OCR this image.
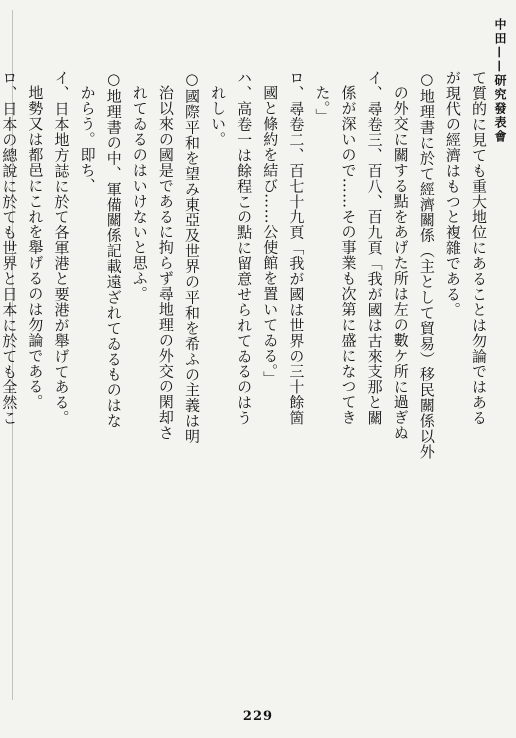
中田——研究發表會
て質的に見ても重大地位にあることは勿論ではある
が現代の經濟はもつと複雜である。
○地理書に於て經濟關係（主として貿易）移民關係以外
の外交に關する點をあげた所は左の數ケ所に過ぎぬ
イ、尋卷三、百八、百九頁「我が國は古來支那と關
係が深いので……その事業も次第に盛になつてき
た。」
ロ、尋卷二、百七十九頁「我が國は世界の三十餘箇
國と條約を結び……公使館を置いてゐる。」
ハ、高卷一は餘程この點に留意せられてゐるのはう
れしい。
○國際平和を望み東亞及世界の平和を希ふの主義は明
治以來の國是であるに拘らず尋地理の外交の閑却さ
れてゐるのはいけないと思ふ。
○地理書の中、軍備關係記載遠ざれてゐるものはな
からう。即ち、
イ、日本地方誌に於て各軍港と要港が舉げてある。
地勢又は都邑にこれを舉げるのは勿論である。
ロ、日本の總說に於ても世界と日本に於ても全然こ
229
